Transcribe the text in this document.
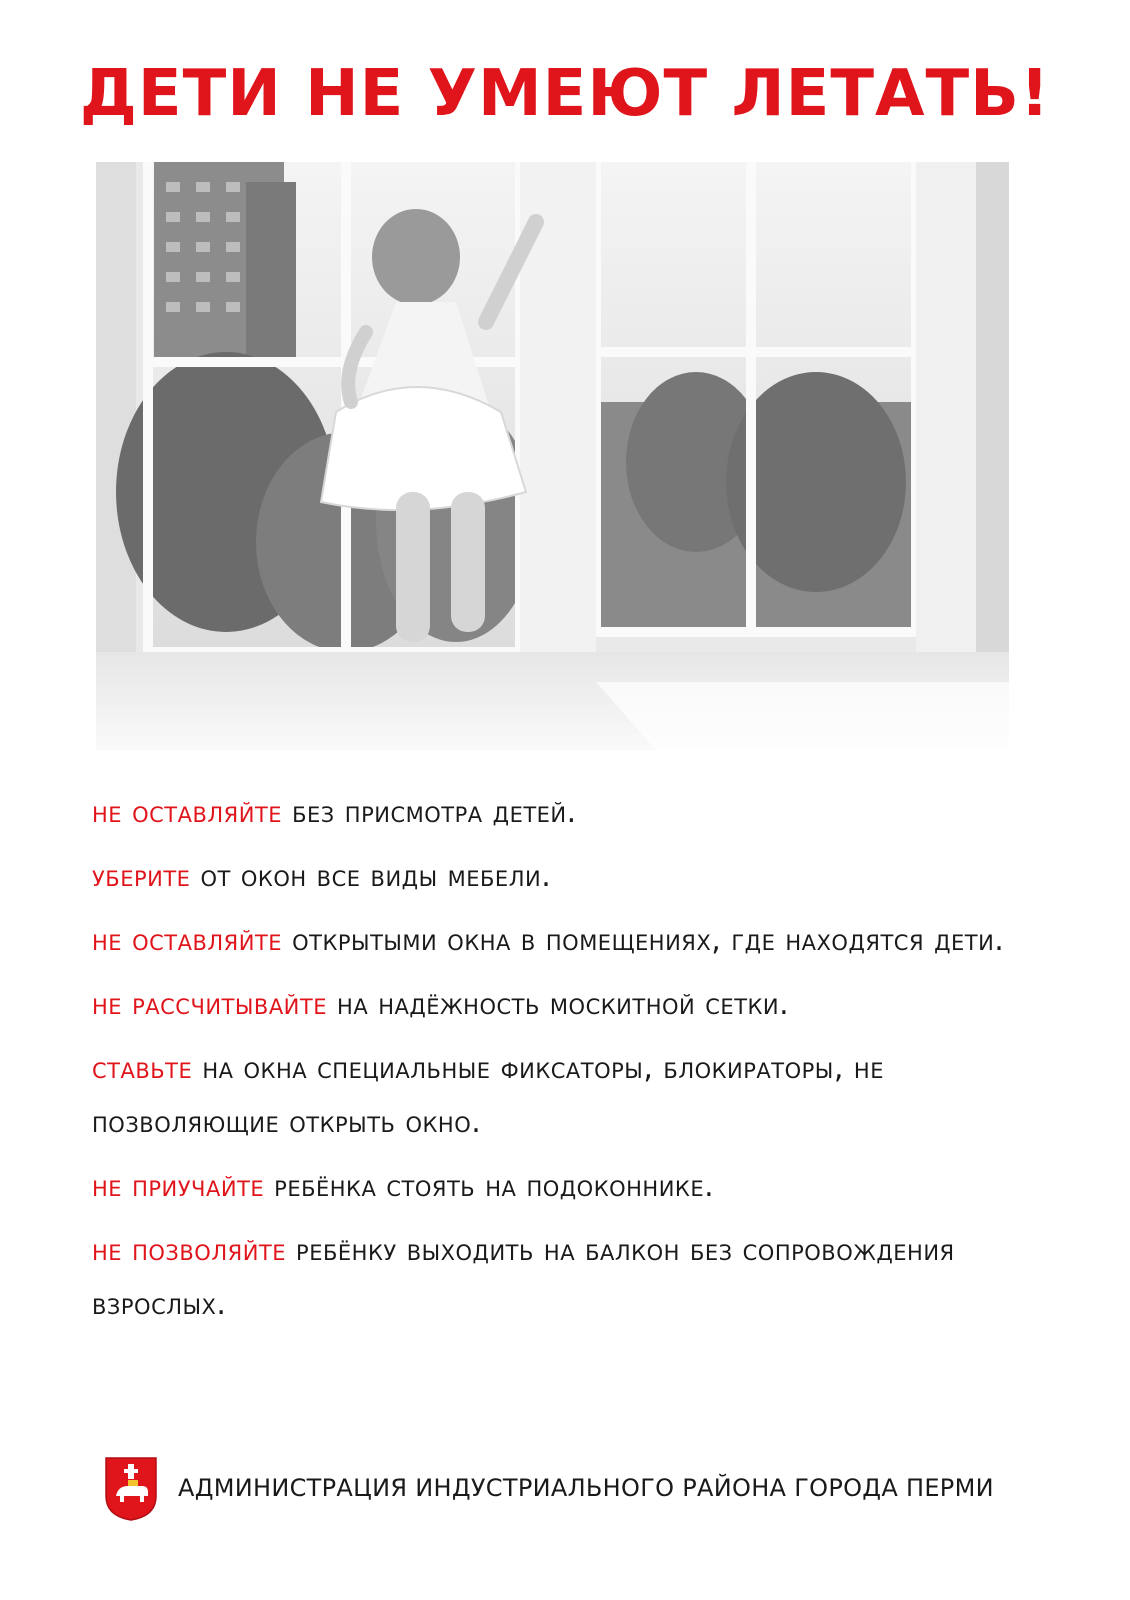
ДЕТИ НЕ УМЕЮТ ЛЕТАТЬ!

не оставляйте без присмотра детей.

уберите от окон все виды мебели.

не оставляйте открытыми окна в помещениях, где находятся дети.

не рассчитывайте на надёжность москитной сетки.

ставьте на окна специальные фиксаторы, блокираторы, не позволяющие открыть окно.

не приучайте ребёнка стоять на подоконнике.

не позволяйте ребёнку выходить на балкон без сопровождения взрослых.

АДМИНИСТРАЦИЯ ИНДУСТРИАЛЬНОГО РАЙОНА ГОРОДА ПЕРМИ
